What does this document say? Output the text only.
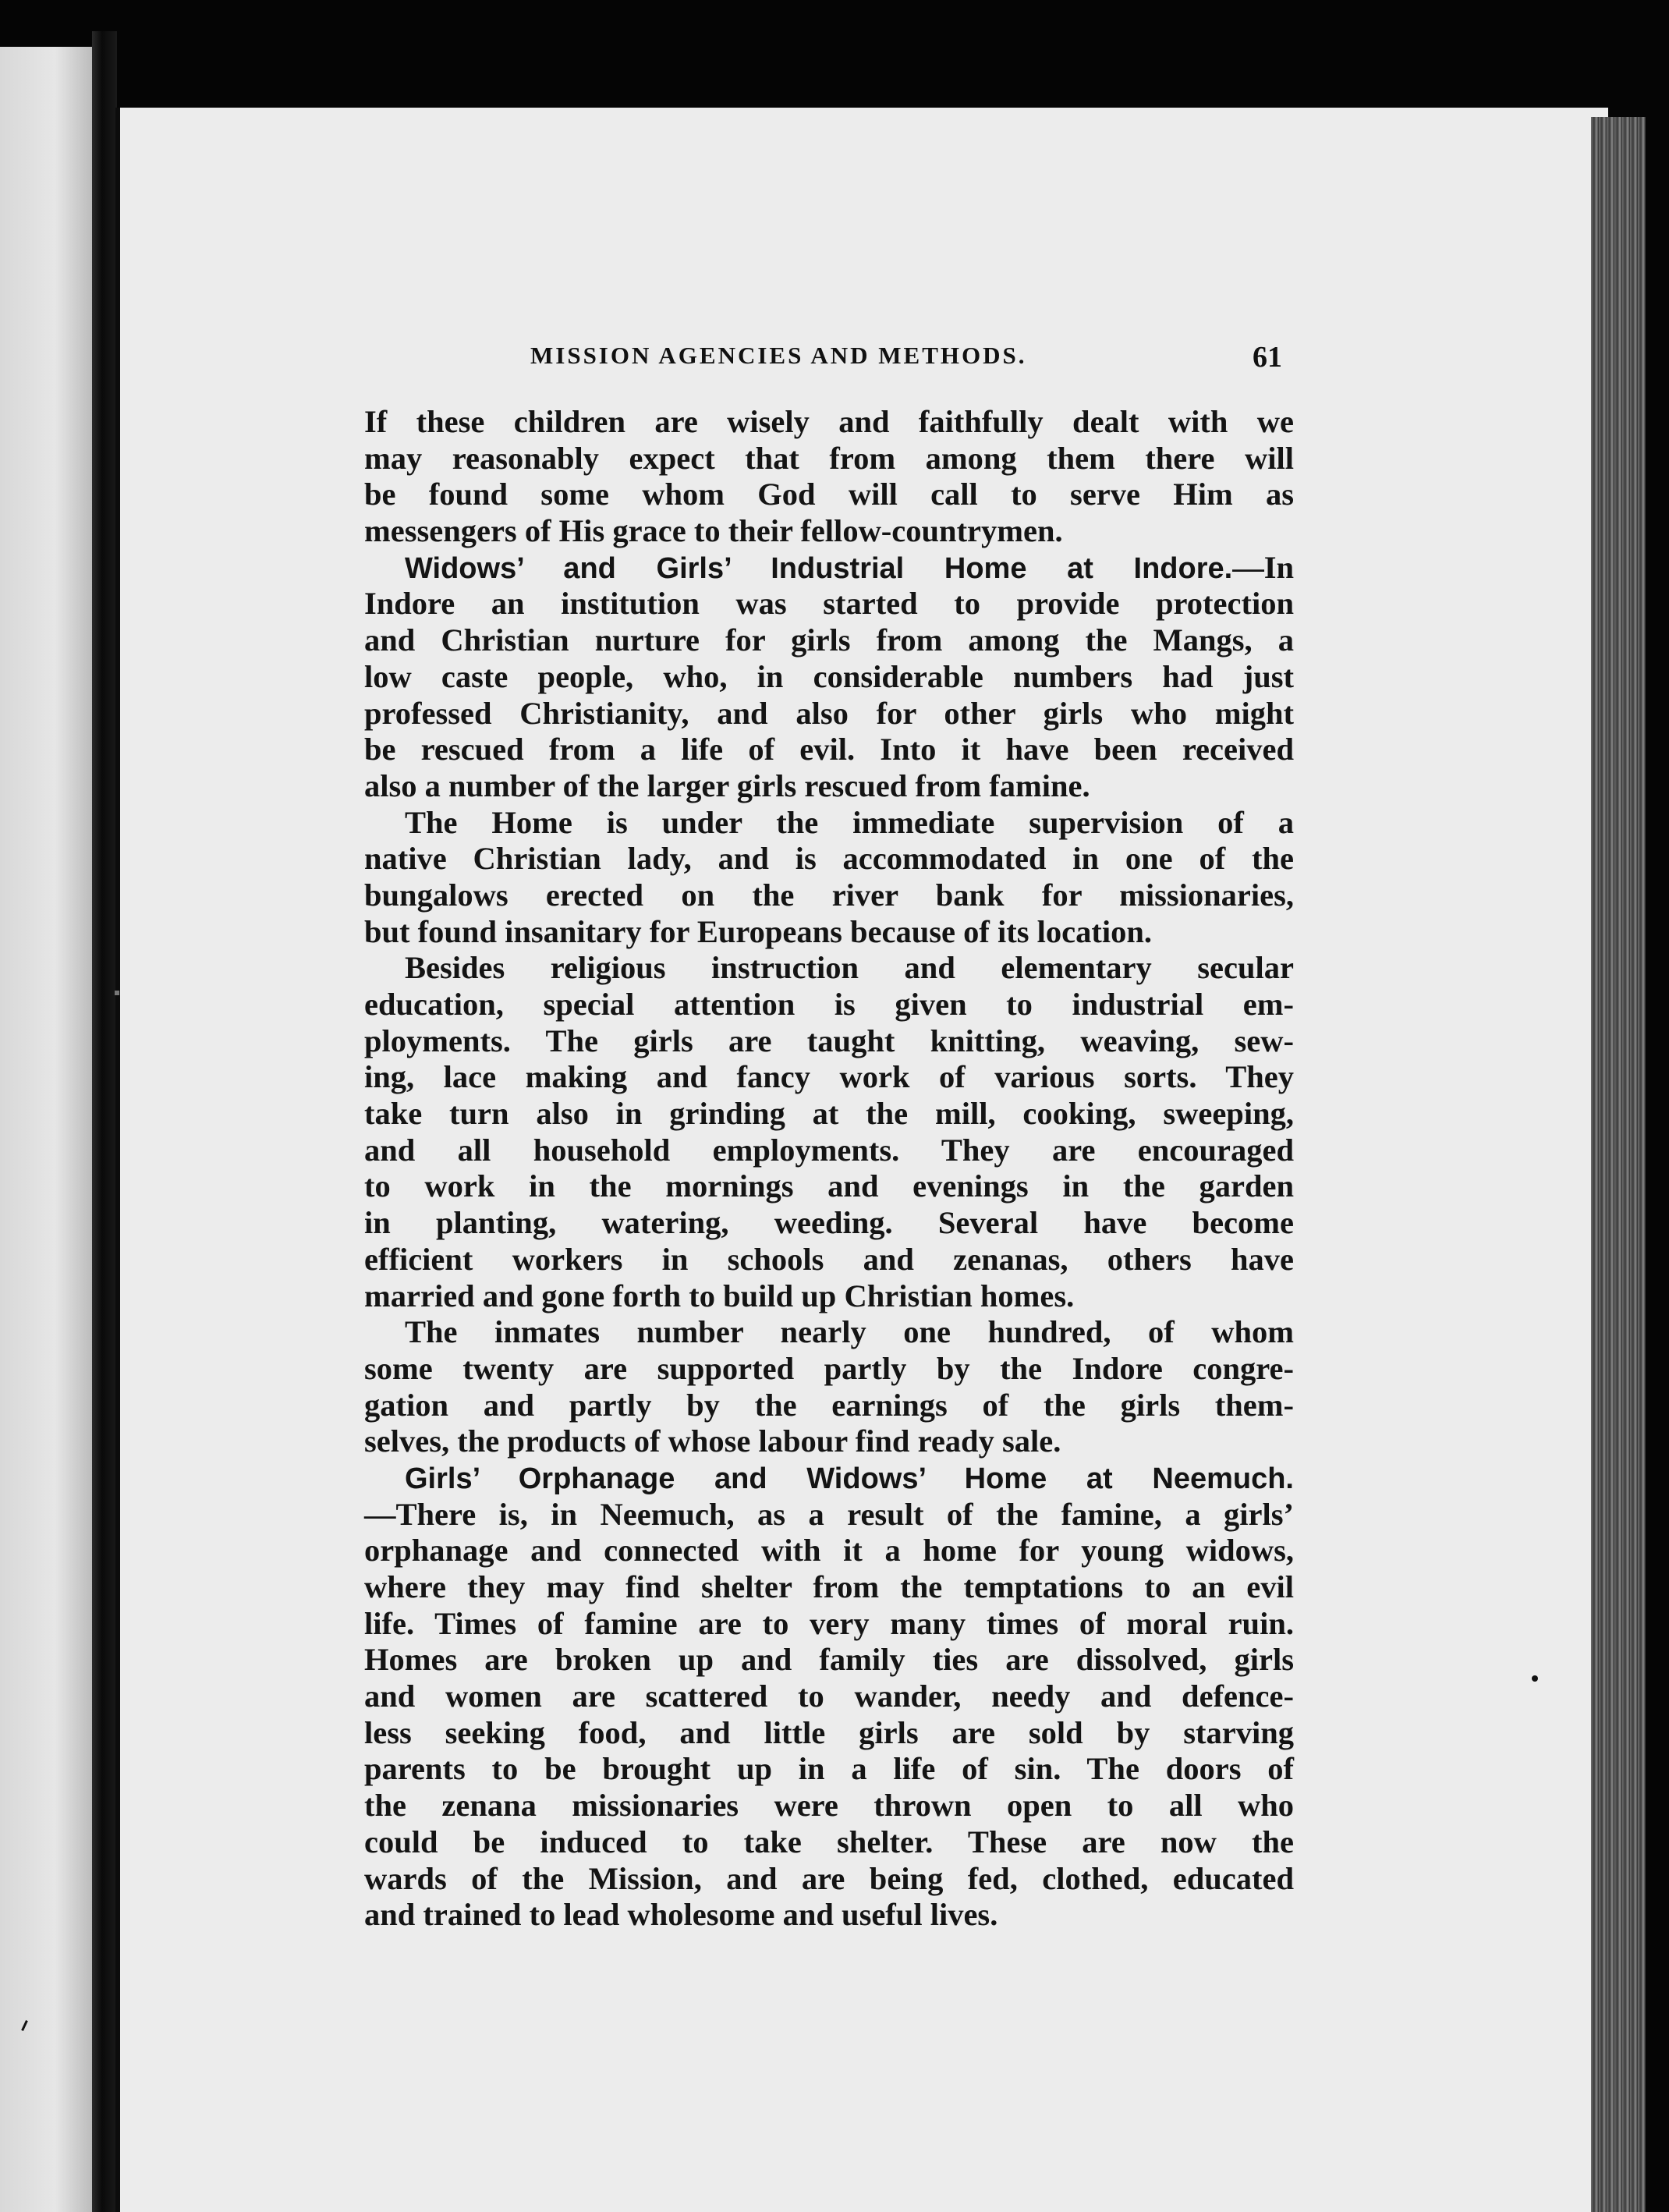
MISSION AGENCIES AND METHODS.	61
If these children are wisely and faithfully dealt with we
may reasonably expect that from among them there will
be found some whom God will call to serve Him as
messengers of His grace to their fellow-countrymen.
Widows’ and Girls’ Industrial Home at Indore.—In
Indore an institution was started to provide protection
and Christian nurture for girls from among the Mangs, a
low caste people, who, in considerable numbers had just
professed Christianity, and also for other girls who might
be rescued from a life of evil. Into it have been received
also a number of the larger girls rescued from famine.
The Home is under the immediate supervision of a
native Christian lady, and is accommodated in one of the
bungalows erected on the river bank for missionaries,
but found insanitary for Europeans because of its location.
Besides religious instruction and elementary secular
education, special attention is given to industrial em-
ployments. The girls are taught knitting, weaving, sew-
ing, lace making and fancy work of various sorts. They
take turn also in grinding at the mill, cooking, sweeping,
and all household employments. They are encouraged
to work in the mornings and evenings in the garden
in planting, watering, weeding. Several have become
efficient workers in schools and zenanas, others have
married and gone forth to build up Christian homes.
The inmates number nearly one hundred, of whom
some twenty are supported partly by the Indore congre-
gation and partly by the earnings of the girls them-
selves, the products of whose labour find ready sale.
Girls’ Orphanage and Widows’ Home at Neemuch.
—There is, in Neemuch, as a result of the famine, a girls’
orphanage and connected with it a home for young widows,
where they may find shelter from the temptations to an evil
life. Times of famine are to very many times of moral ruin.
Homes are broken up and family ties are dissolved, girls
and women are scattered to wander, needy and defence-
less seeking food, and little girls are sold by starving
parents to be brought up in a life of sin. The doors of
the zenana missionaries were thrown open to all who
could be induced to take shelter. These are now the
wards of the Mission, and are being fed, clothed, educated
and trained to lead wholesome and useful lives.
